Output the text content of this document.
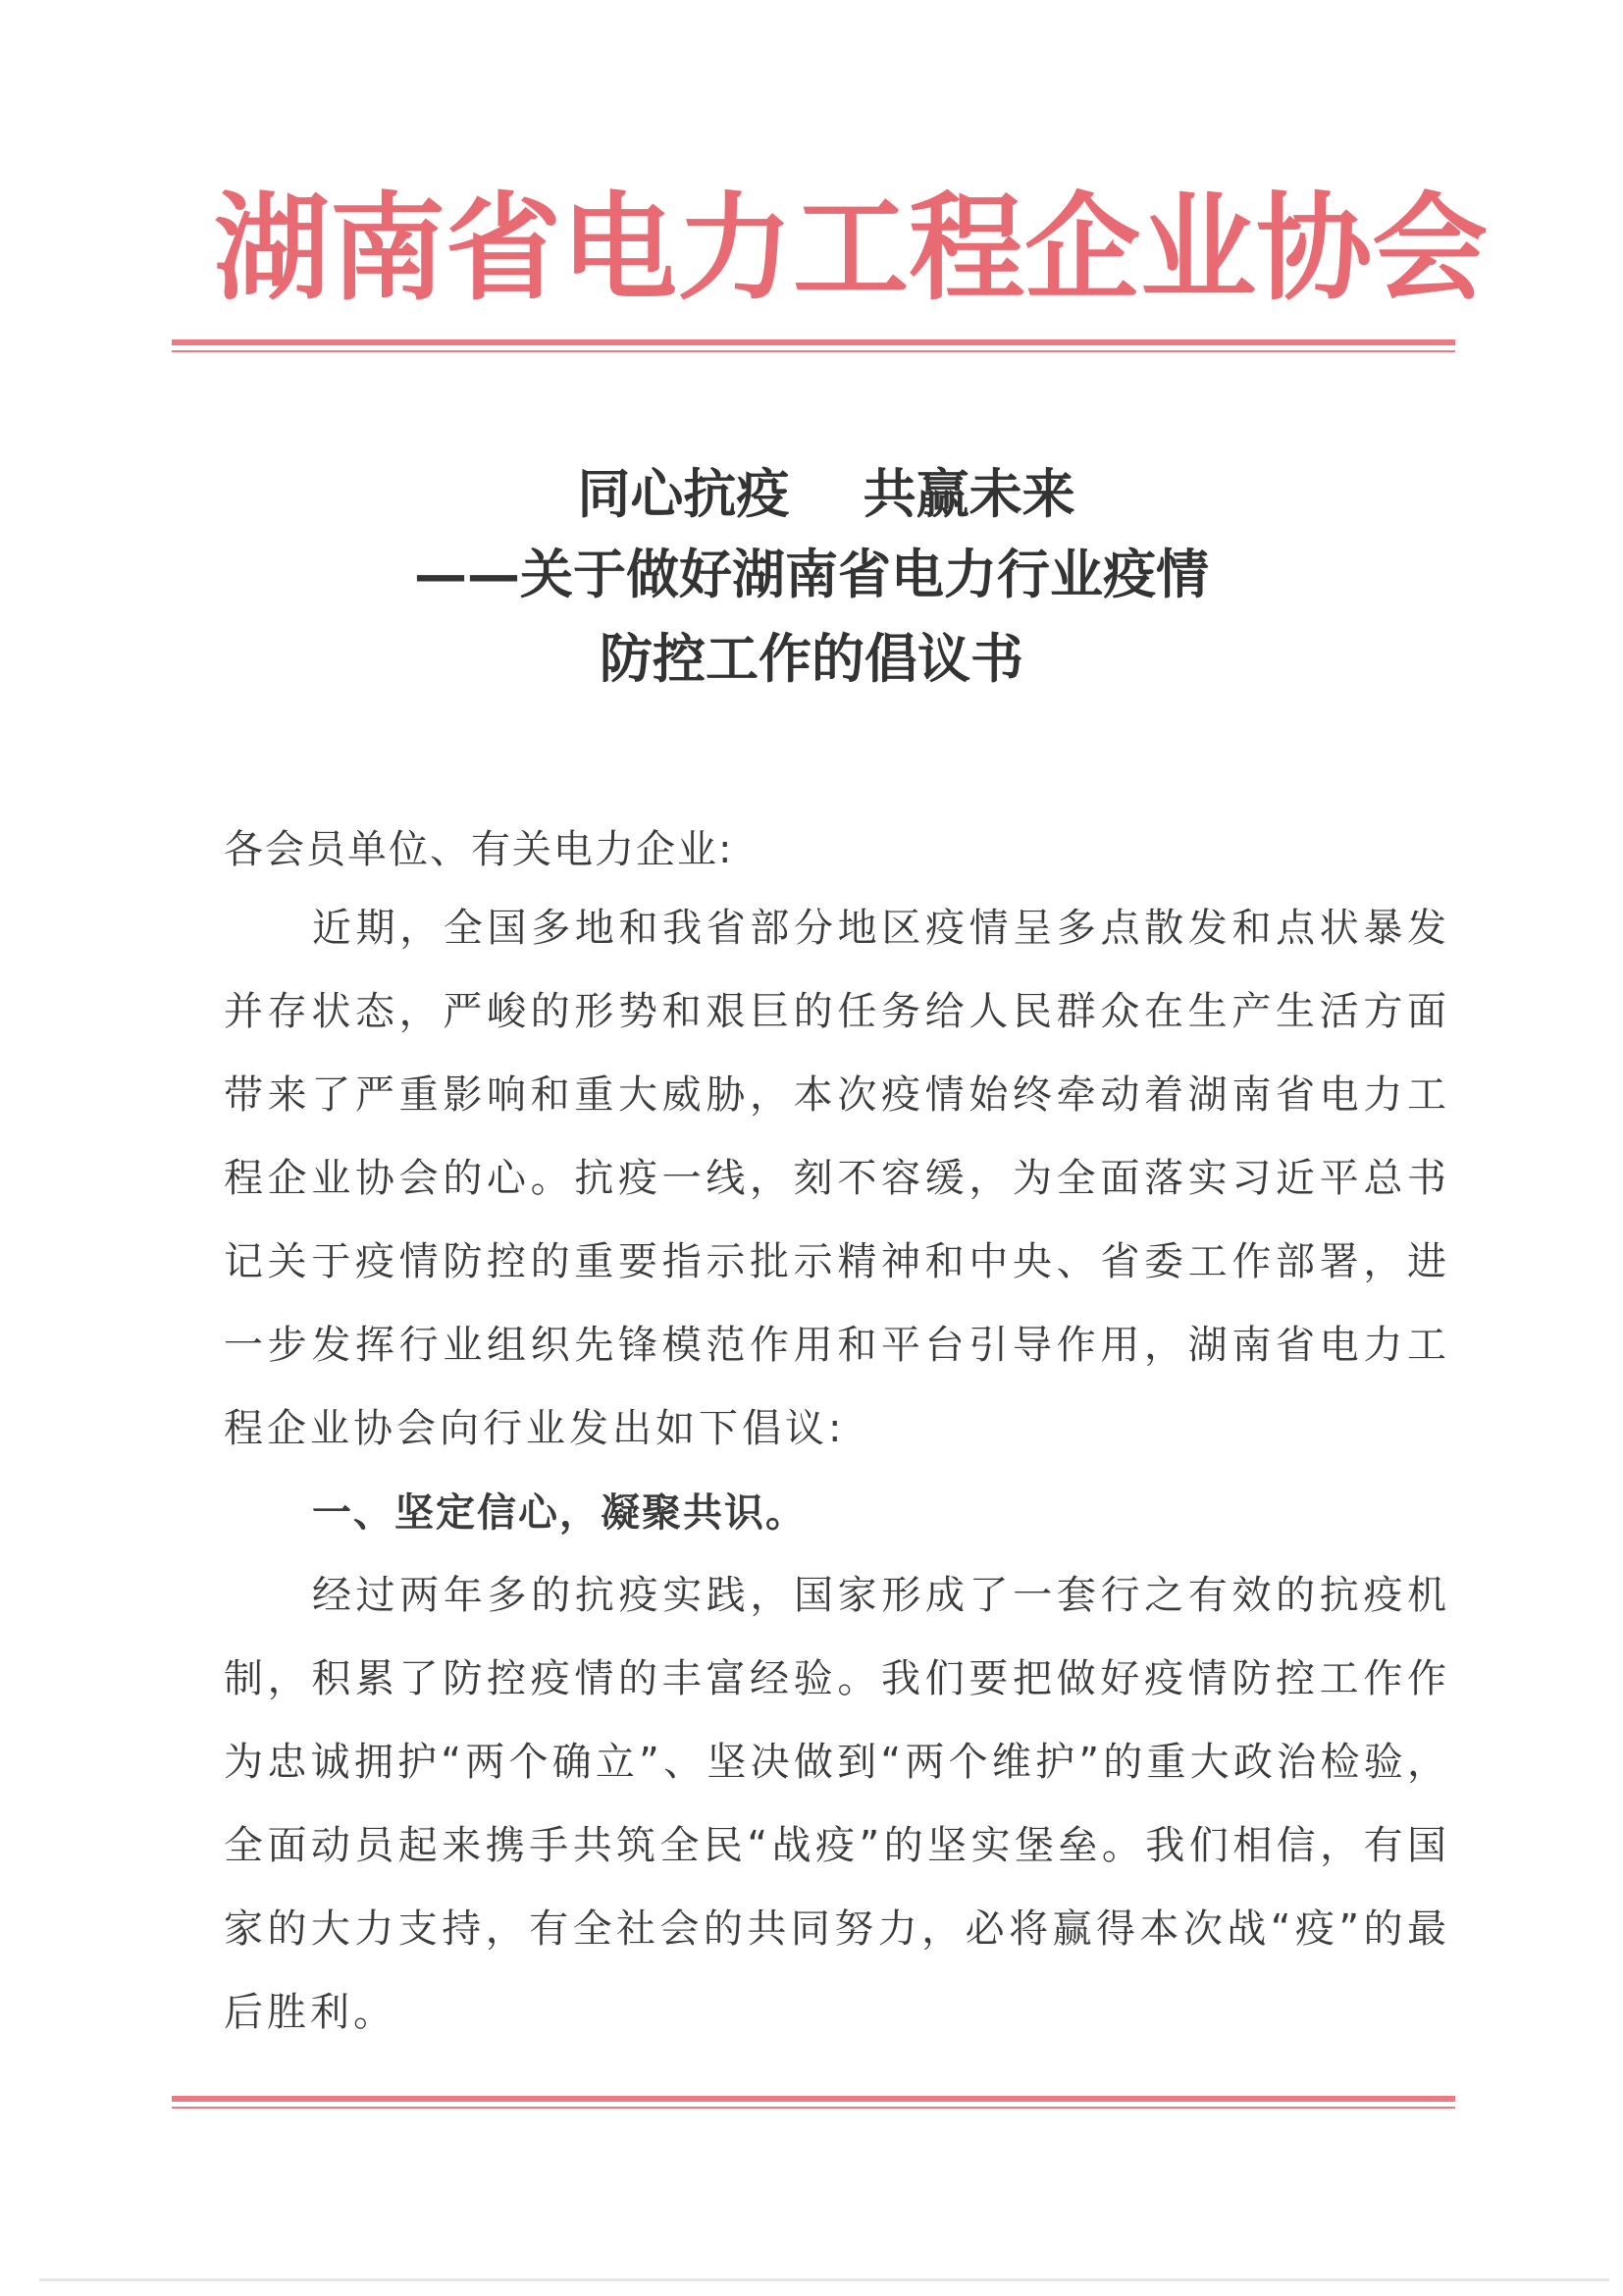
湖 南 省 电 力 工 程 企 业 协 会
同心抗疫    共赢未来
——关于做好湖南省电力行业疫情
防控工作的倡议书
各会员单位、有关电力企业:
近期，全国多地和我省部分地区疫情呈多点散发和点状暴发并存状态，严峻的形势和艰巨的任务给人民群众在生产生活方面带来了严重影响和重大威胁，本次疫情始终牵动着湖南省电力工程企业协会的心。抗疫一线，刻不容缓，为全面落实习近平总书记关于疫情防控的重要指示批示精神和中央、省委工作部署，进一步发挥行业组织先锋模范作用和平台引导作用，湖南省电力工程企业协会向行业发出如下倡议:
一、坚定信心，凝聚共识。
经过两年多的抗疫实践，国家形成了一套行之有效的抗疫机制，积累了防控疫情的丰富经验。我们要把做好疫情防控工作作为忠诚拥护“两个确立”、坚决做到“两个维护”的重大政治检验，全面动员起来携手共筑全民“战疫”的坚实堡垒。我们相信，有国家的大力支持，有全社会的共同努力，必将赢得本次战“疫”的最后胜利。
